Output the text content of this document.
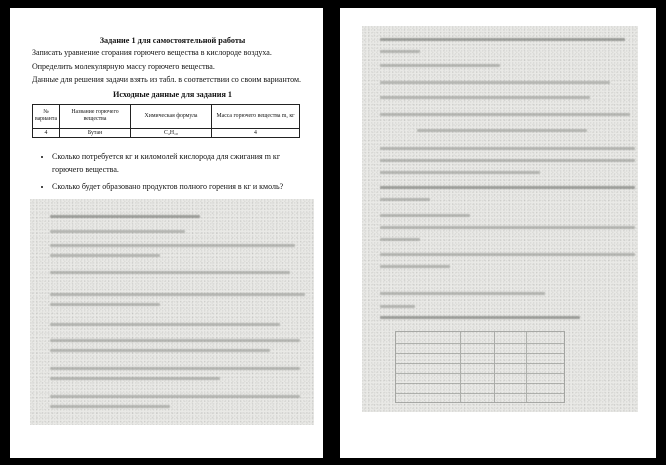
Задание 1 для самостоятельной работы

Записать уравнение сгорания горючего вещества в кислороде воздуха.

Определить молекулярную массу горючего вещества.

Данные для решения задачи взять из табл. в соответствии со своим вариантом.

Исходные данные для задания 1
№ варианта	Название горючего вещества	Химическая формула	Масса горючего вещества m, кг
4	Бутан	C₄H₁₀	4
• Сколько потребуется кг и киломолей кислорода для сжигания m кг горючего вещества.
• Сколько будет образовано продуктов полного горения в кг и кмоль?
